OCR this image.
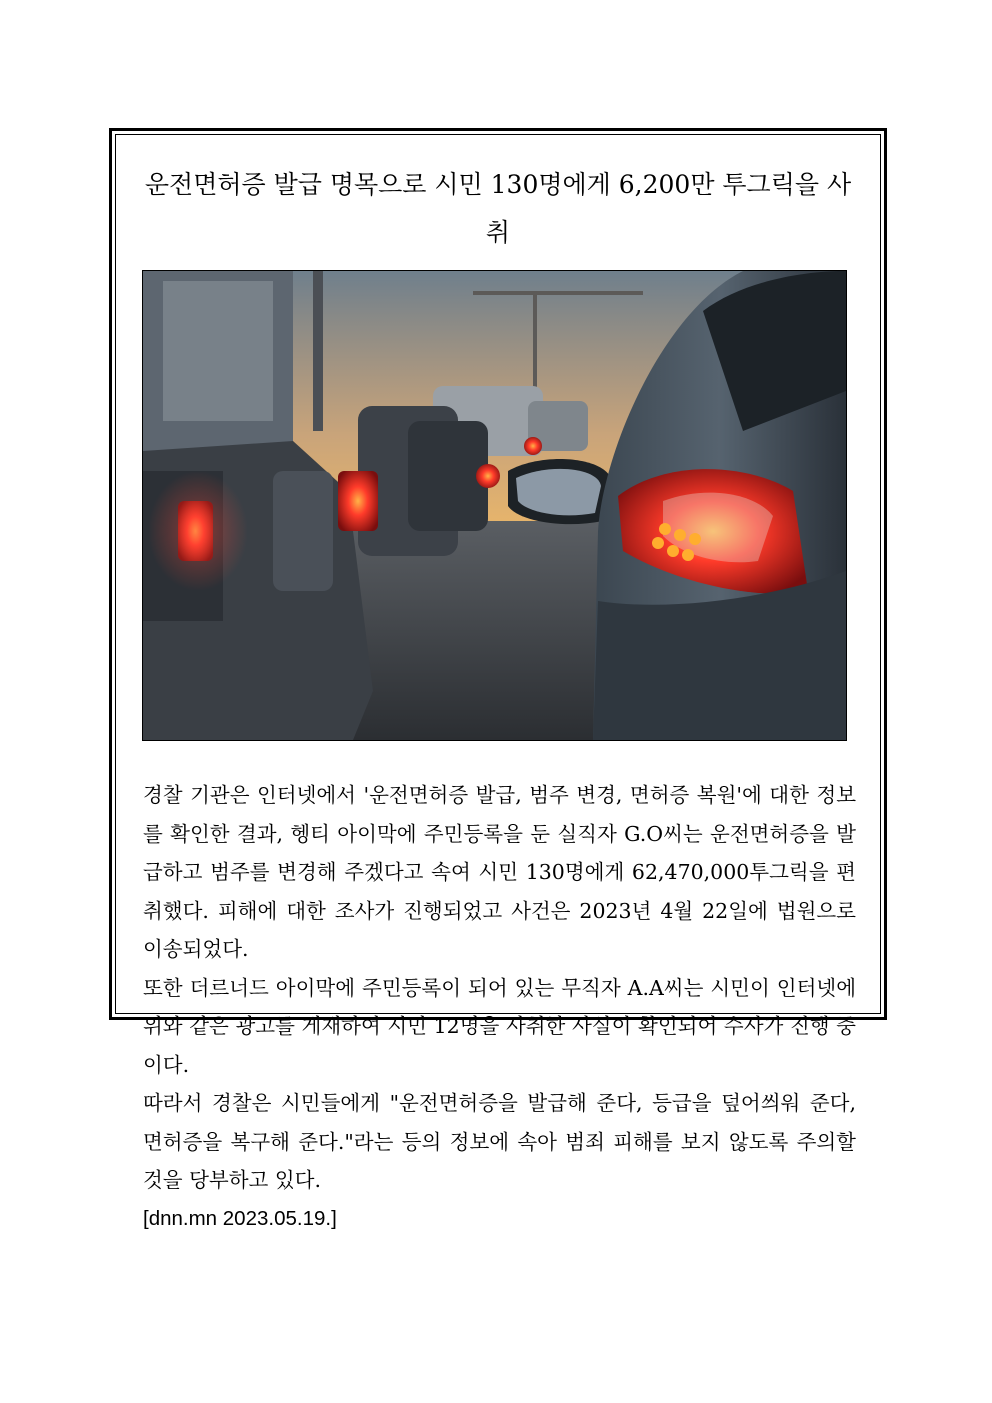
운전면허증 발급 명목으로 시민 130명에게 6,200만 투그릭을 사취

경찰 기관은 인터넷에서 '운전면허증 발급, 범주 변경, 면허증 복원'에 대한 정보를 확인한 결과, 헹티 아이막에 주민등록을 둔 실직자 G.O씨는 운전면허증을 발급하고 범주를 변경해 주겠다고 속여 시민 130명에게 62,470,000투그릭을 편취했다. 피해에 대한 조사가 진행되었고 사건은 2023년 4월 22일에 법원으로 이송되었다.

또한 더르너드 아이막에 주민등록이 되어 있는 무직자 A.A씨는 시민이 인터넷에 위와 같은 광고를 게재하여 시민 12명을 사취한 사실이 확인되어 수사가 진행 중이다.

따라서 경찰은 시민들에게 "운전면허증을 발급해 준다, 등급을 덮어씌워 준다, 면허증을 복구해 준다."라는 등의 정보에 속아 범죄 피해를 보지 않도록 주의할 것을 당부하고 있다.

[dnn.mn 2023.05.19.]
